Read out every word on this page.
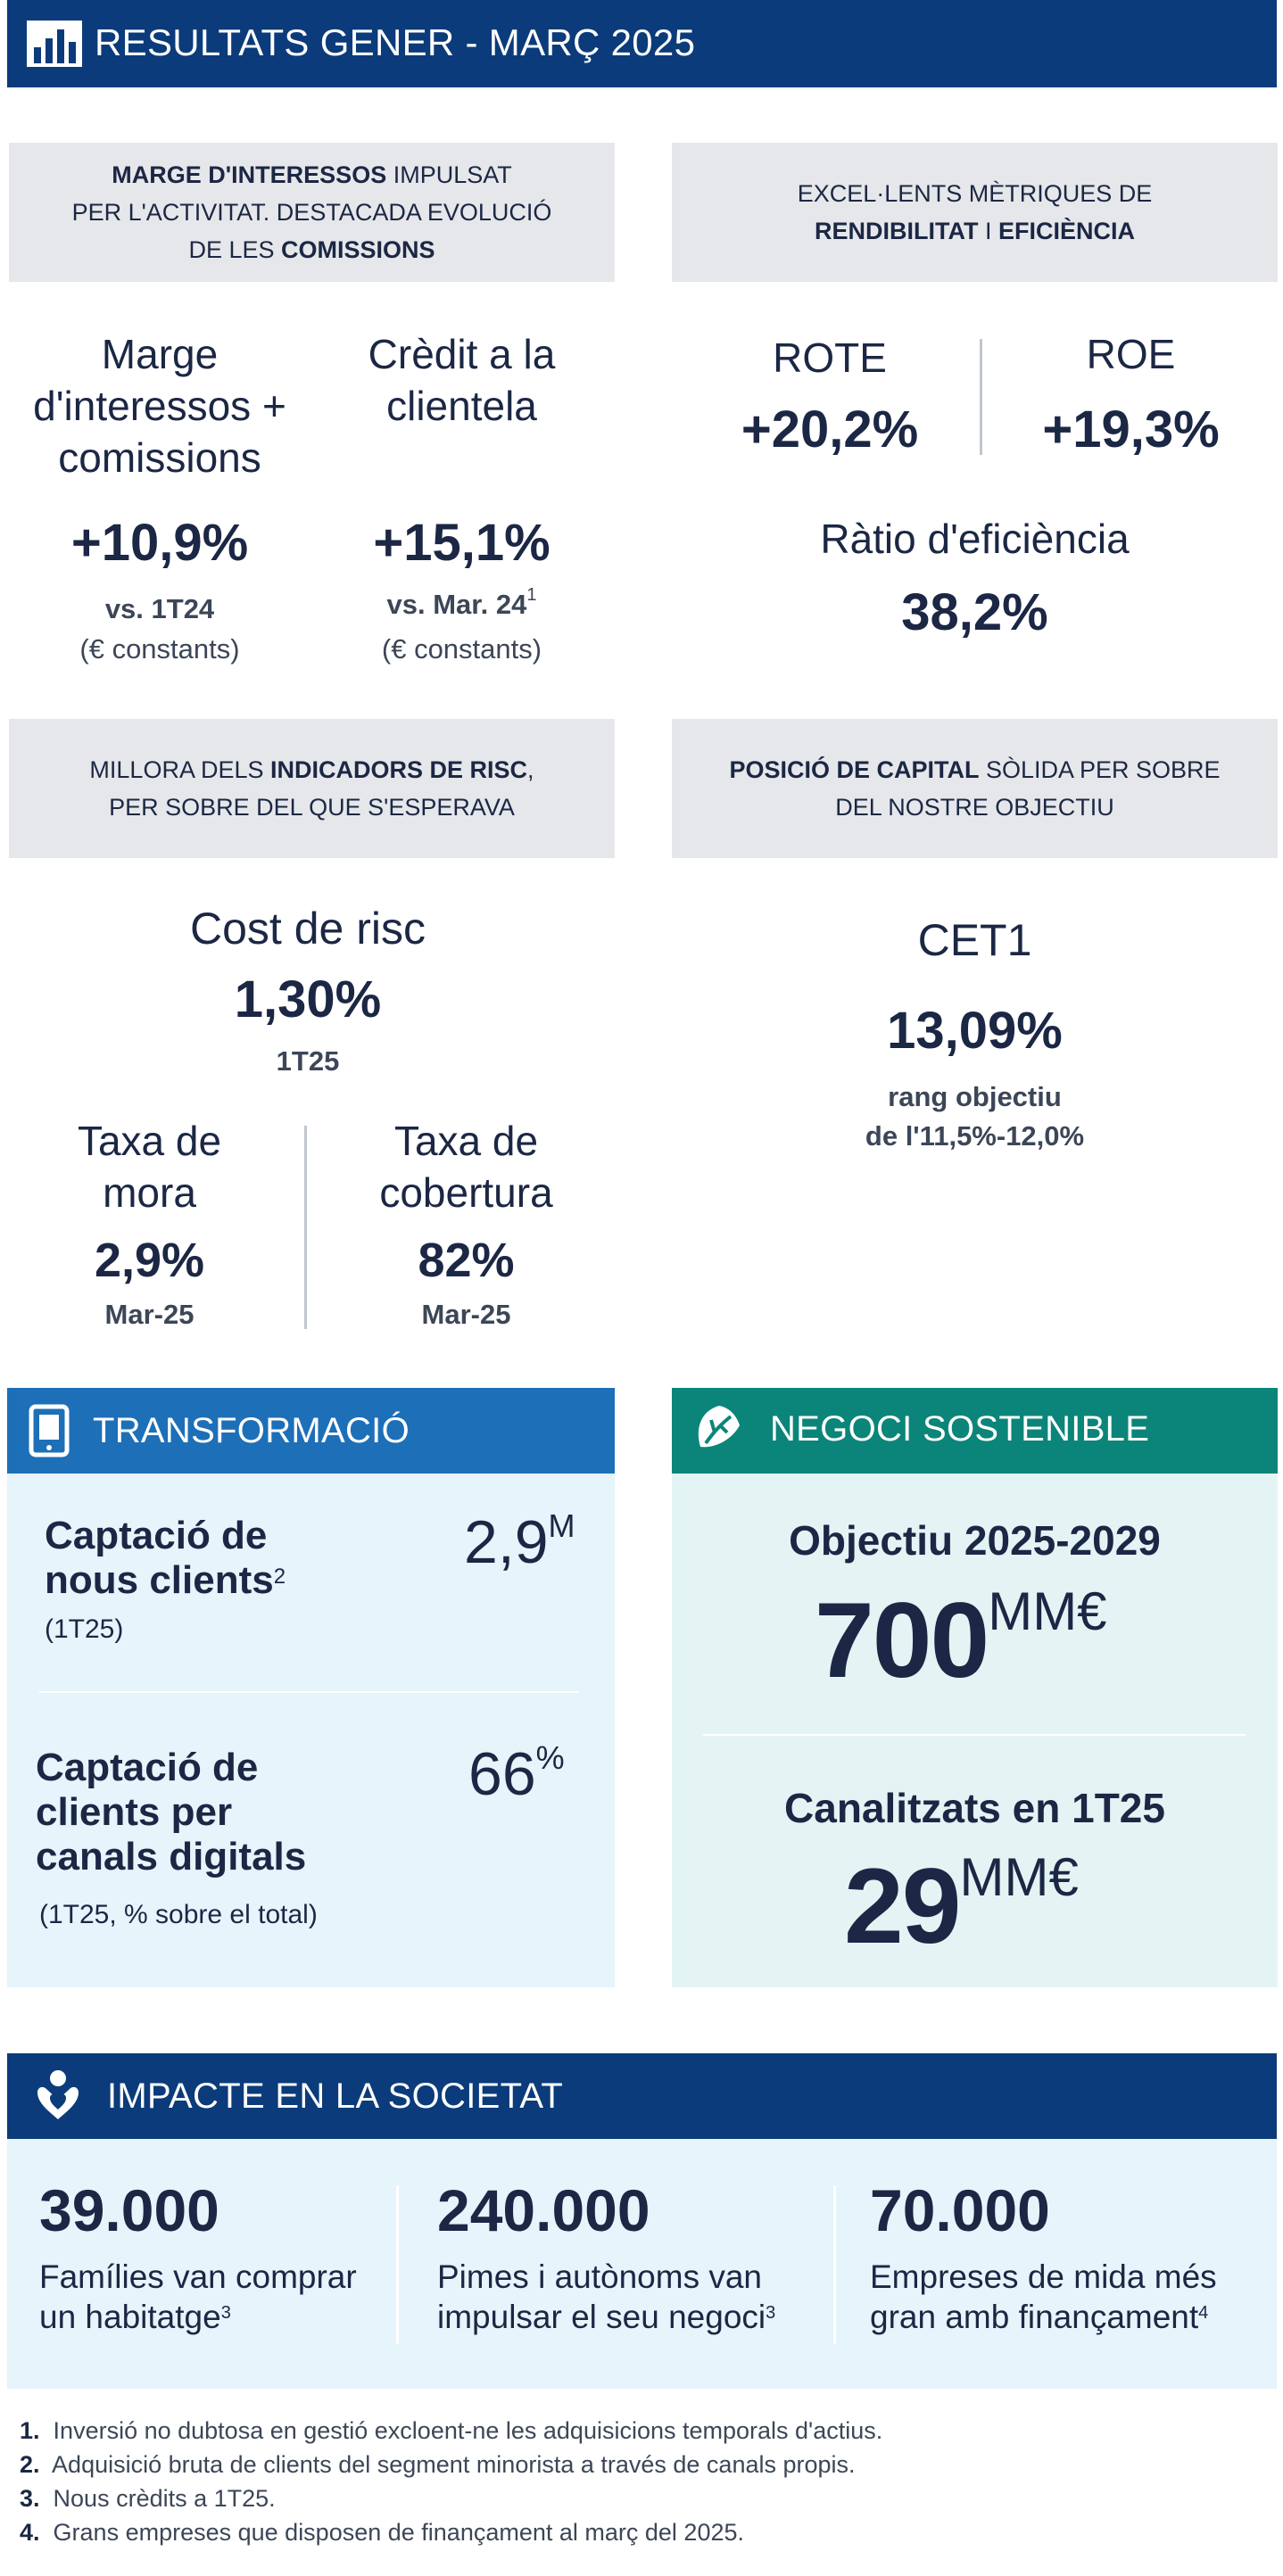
RESULTATS GENER - MARÇ 2025
MARGE D'INTERESSOS IMPULSAT
PER L'ACTIVITAT. DESTACADA EVOLUCIÓ
DE LES COMISSIONS
EXCEL·LENTS MÈTRIQUES DE
RENDIBILITAT I EFICIÈNCIA
Marge
d'interessos +
comissions
+10,9%
vs. 1T24
(€ constants)
Crèdit a la
clientela
+15,1%
vs. Mar. $24^1$
(€ constants)
ROTE
+20,2%
ROE
+19,3%
Ràtio d'eficiència
38,2%
MILLORA DELS INDICADORS DE RISC,
PER SOBRE DEL QUE S'ESPERAVA
POSICIÓ DE CAPITAL SÒLIDA PER SOBRE
DEL NOSTRE OBJECTIU
Cost de risc
1,30%
1T25
Taxa de
mora
2,9%
Mar-25
Taxa de
cobertura
82%
Mar-25
CET1
13,09%
rang objectiu
de l'11,5%-12,0%
TRANSFORMACIÓ
Captació de
nous clients$^2$
(1T25)
2,9M
Captació de
clients per
canals digitals
(1T25, % sobre el total)
66%
NEGOCI SOSTENIBLE
Objectiu 2025-2029
700MM€
Canalitzats en 1T25
29MM€
IMPACTE EN LA SOCIETAT
39.000
Famílies van comprar
un habitatge$^3$
240.000
Pimes i autònoms van
impulsar el seu negoci$^3$
70.000
Empreses de mida més
gran amb finançament$^4$
1. Inversió no dubtosa en gestió excloent-ne les adquisicions temporals d'actius.
2. Adquisició bruta de clients del segment minorista a través de canals propis.
3. Nous crèdits a 1T25.
4. Grans empreses que disposen de finançament al març del 2025.
